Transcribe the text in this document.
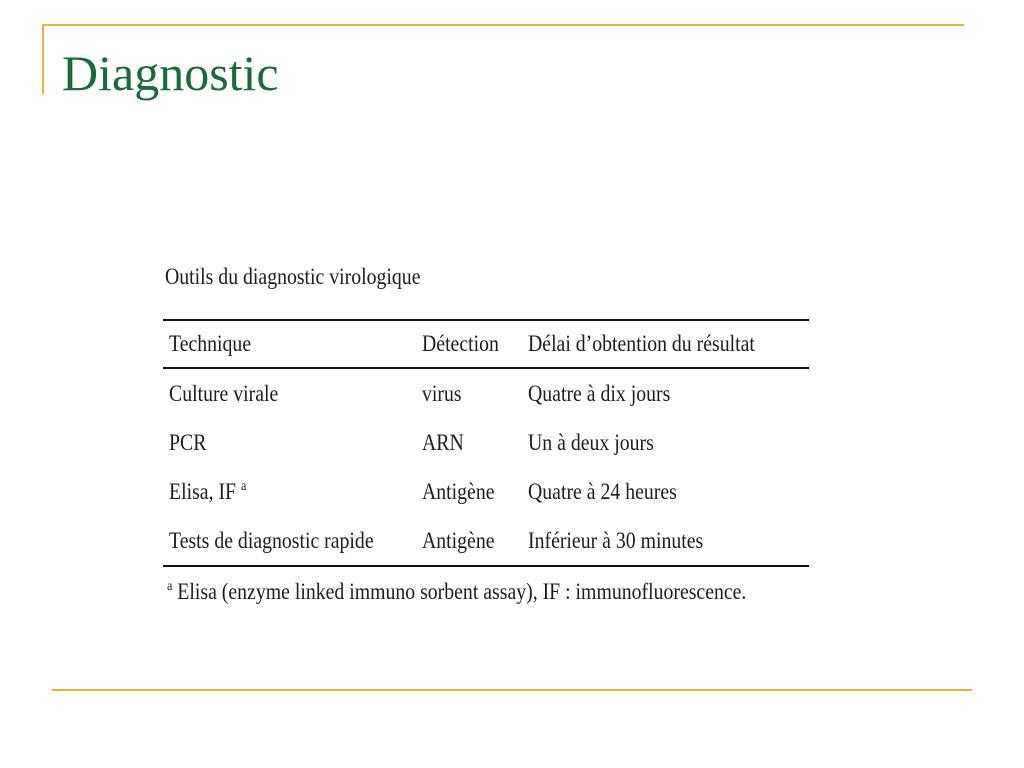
Diagnostic
Outils du diagnostic virologique
Technique	Détection	Délai d’obtention du résultat
Culture virale	virus	Quatre à dix jours
PCR	ARN	Un à deux jours
Elisa, IF $^a$	Antigène	Quatre à 24 heures
Tests de diagnostic rapide	Antigène	Inférieur à 30 minutes
$^a$ Elisa (enzyme linked immuno sorbent assay), IF : immunofluorescence.
